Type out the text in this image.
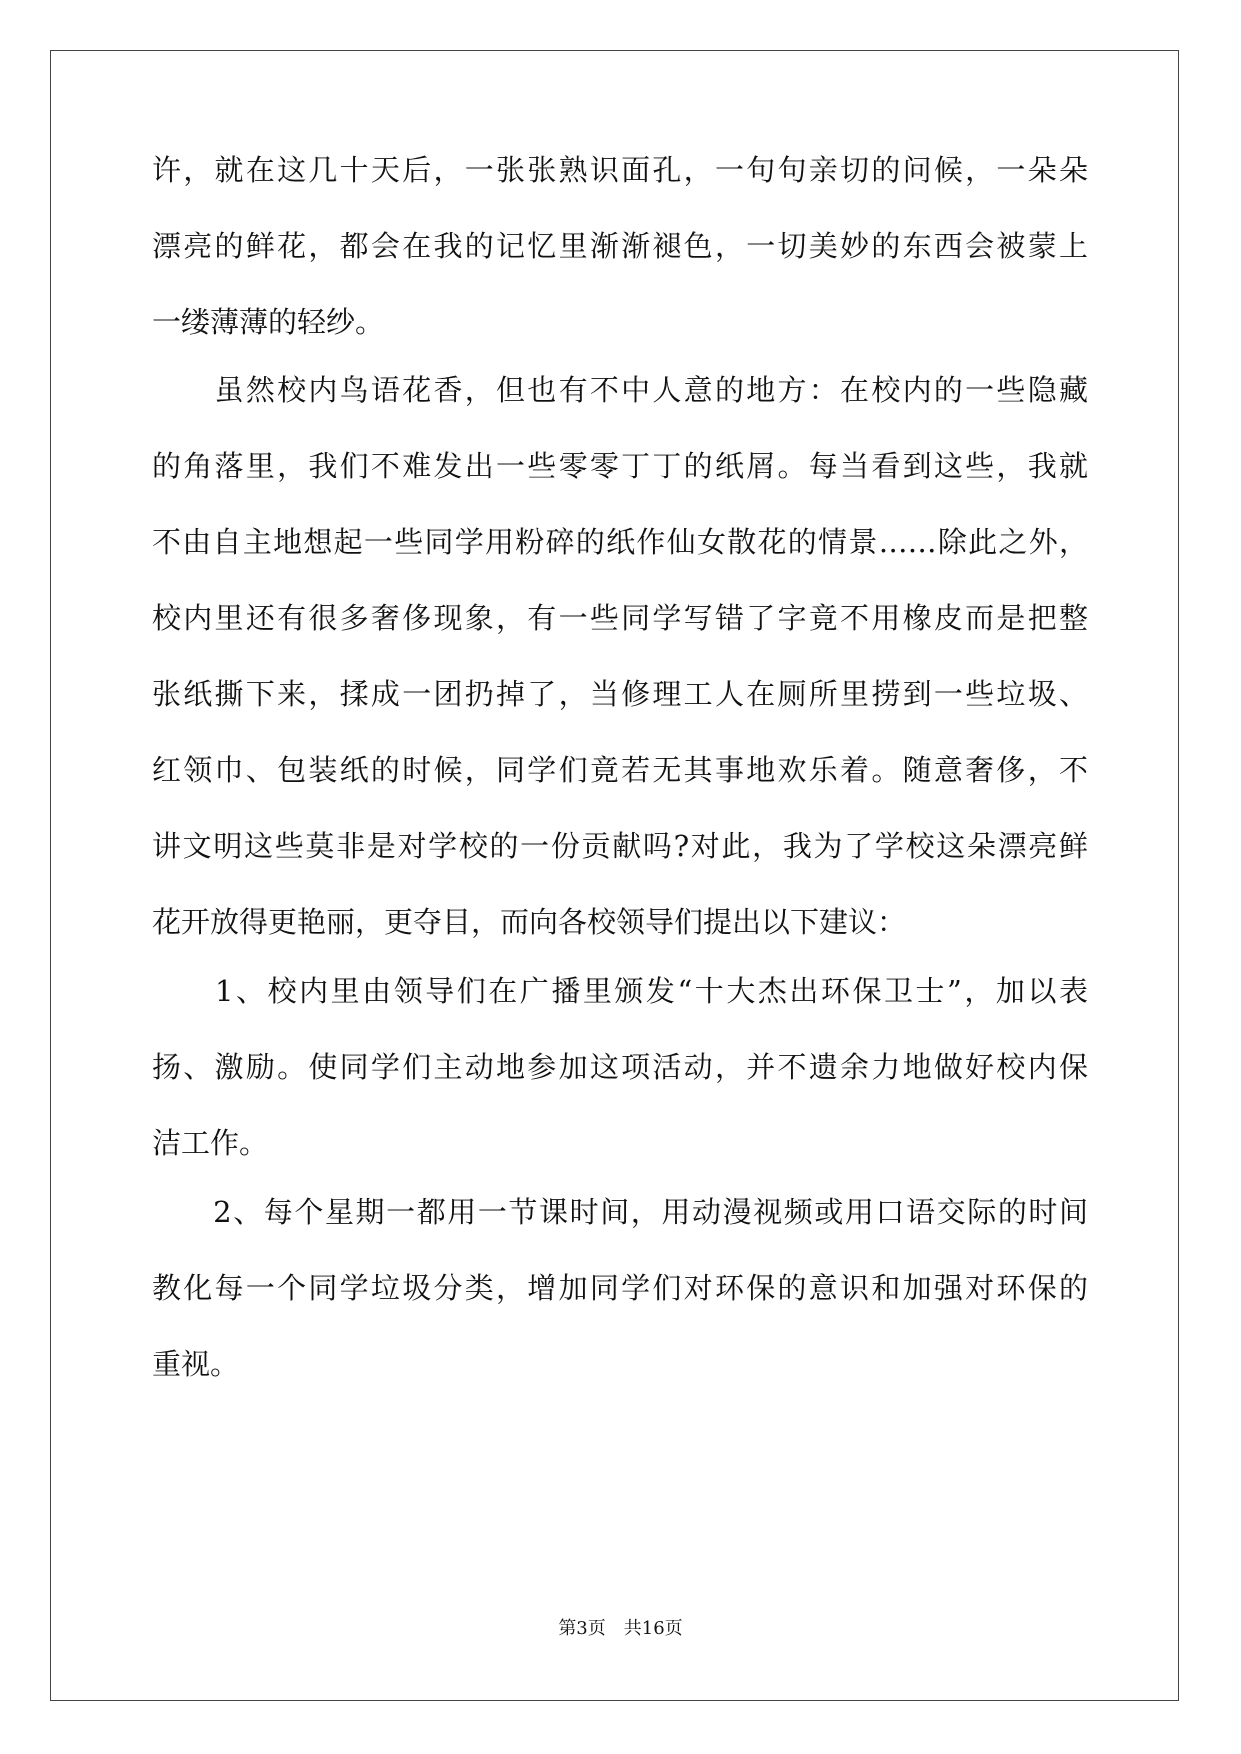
许，就在这几十天后，一张张熟识面孔，一句句亲切的问候，一朵朵
漂亮的鲜花，都会在我的记忆里渐渐褪色，一切美妙的东西会被蒙上
一缕薄薄的轻纱。
　　虽然校内鸟语花香，但也有不中人意的地方：在校内的一些隐藏
的角落里，我们不难发出一些零零丁丁的纸屑。每当看到这些，我就
不由自主地想起一些同学用粉碎的纸作仙女散花的情景……除此之外，
校内里还有很多奢侈现象，有一些同学写错了字竟不用橡皮而是把整
张纸撕下来，揉成一团扔掉了，当修理工人在厕所里捞到一些垃圾、
红领巾、包装纸的时候，同学们竟若无其事地欢乐着。随意奢侈，不
讲文明这些莫非是对学校的一份贡献吗?对此，我为了学校这朵漂亮鲜
花开放得更艳丽，更夺目，而向各校领导们提出以下建议：
　　1、校内里由领导们在广播里颁发“十大杰出环保卫士”，加以表
扬、激励。使同学们主动地参加这项活动，并不遗余力地做好校内保
洁工作。
　　2、每个星期一都用一节课时间，用动漫视频或用口语交际的时间
教化每一个同学垃圾分类，增加同学们对环保的意识和加强对环保的
重视。
第3页　共16页
